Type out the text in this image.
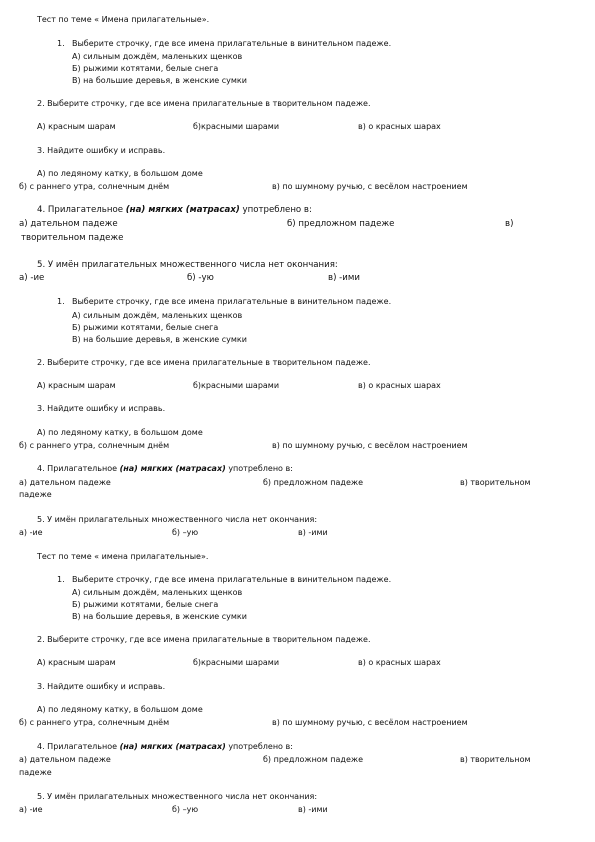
Тест по теме « Имена прилагательные».
1. Выберите строчку, где все имена прилагательные в винительном падеже.
А) сильным дождём, маленьких щенков
Б) рыжими котятами, белые снега
В) на большие деревья, в женские сумки
2. Выберите строчку, где все имена прилагательные в творительном падеже.
А) красным шарам	б)красными шарами	в) о красных шарах
3. Найдите ошибку и исправь.
А) по ледяному катку, в большом доме
б) с раннего утра, солнечным днём	в) по шумному ручью, с весёлом настроением
4. Прилагательное (на) мягких (матрасах) употреблено в:
а) дательном падеже	б) предложном падеже	в)
творительном падеже
5. У имён прилагательных множественного числа нет окончания:
а) -ие	б) -ую	в) -ими
1. Выберите строчку, где все имена прилагательные в винительном падеже.
А) сильным дождём, маленьких щенков
Б) рыжими котятами, белые снега
В) на большие деревья, в женские сумки
2. Выберите строчку, где все имена прилагательные в творительном падеже.
А) красным шарам	б)красными шарами	в) о красных шарах
3. Найдите ошибку и исправь.
А) по ледяному катку, в большом доме
б) с раннего утра, солнечным днём	в) по шумному ручью, с весёлом настроением
4. Прилагательное (на) мягких (матрасах) употреблено в:
а) дательном падеже	б) предложном падеже	в) творительном
падеже
5. У имён прилагательных множественного числа нет окончания:
а) -ие	б) –ую	в) -ими
Тест по теме « имена прилагательные».
1. Выберите строчку, где все имена прилагательные в винительном падеже.
А) сильным дождём, маленьких щенков
Б) рыжими котятами, белые снега
В) на большие деревья, в женские сумки
2. Выберите строчку, где все имена прилагательные в творительном падеже.
А) красным шарам	б)красными шарами	в) о красных шарах
3. Найдите ошибку и исправь.
А) по ледяному катку, в большом доме
б) с раннего утра, солнечным днём	в) по шумному ручью, с весёлом настроением
4. Прилагательное (на) мягких (матрасах) употреблено в:
а) дательном падеже	б) предложном падеже	в) творительном
падеже
5. У имён прилагательных множественного числа нет окончания:
а) -ие	б) –ую	в) -ими
